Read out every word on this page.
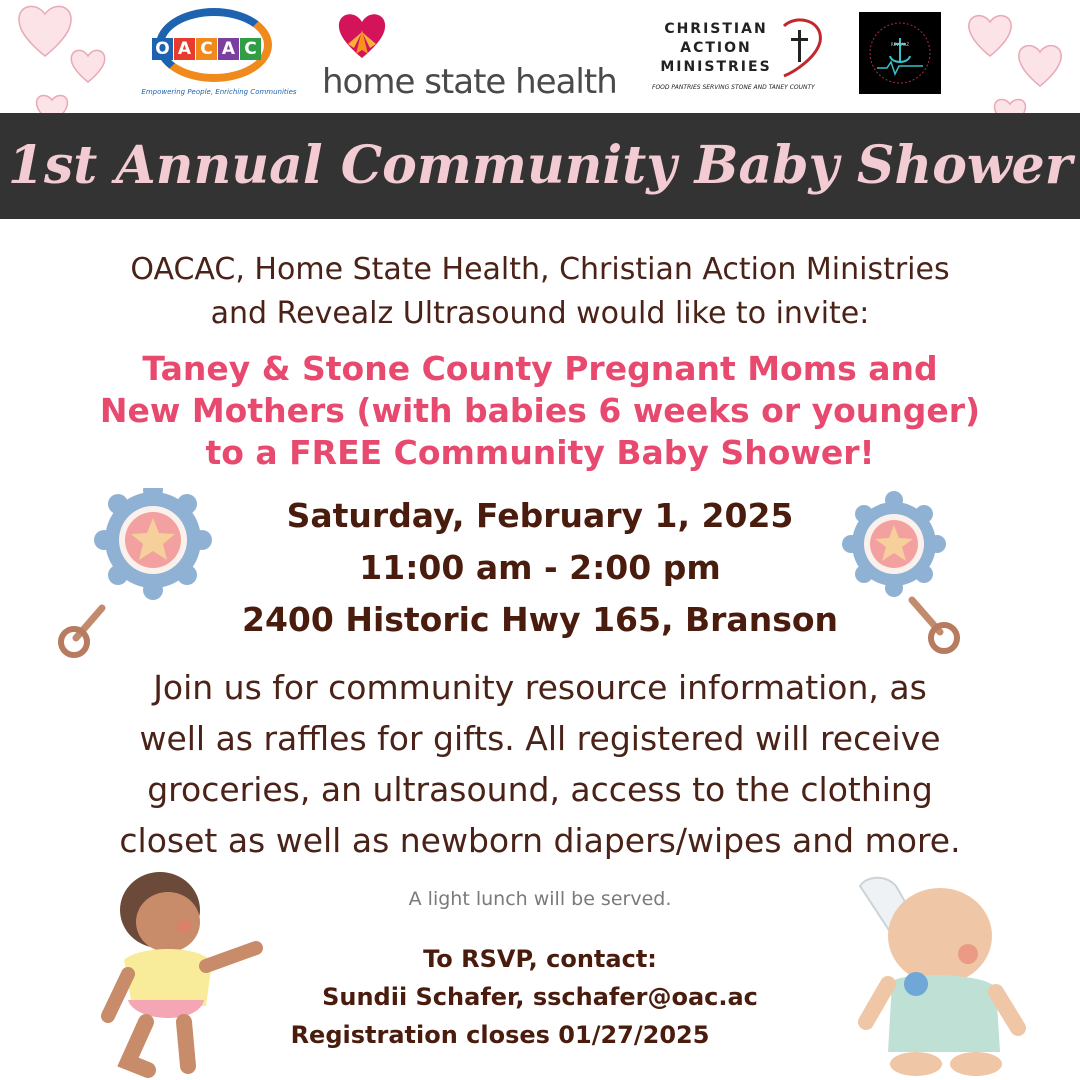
O A C A C
Empowering People, Enriching Communities home state health
CHRISTIAN
ACTION
MINISTRIES
FOOD PANTRIES SERVING STONE AND TANEY COUNTY
REVEALZ
1st Annual Community Baby Shower
OACAC, Home State Health, Christian Action Ministries
and Revealz Ultrasound would like to invite:
Taney & Stone County Pregnant Moms and
New Mothers (with babies 6 weeks or younger)
to a FREE Community Baby Shower!
Saturday, February 1, 2025
11:00 am - 2:00 pm
2400 Historic Hwy 165, Branson
Join us for community resource information, as
well as raffles for gifts. All registered will receive
groceries, an ultrasound, access to the clothing
closet as well as newborn diapers/wipes and more.
A light lunch will be served.
To RSVP, contact:
Sundii Schafer, sschafer@oac.ac
Registration closes 01/27/2025
